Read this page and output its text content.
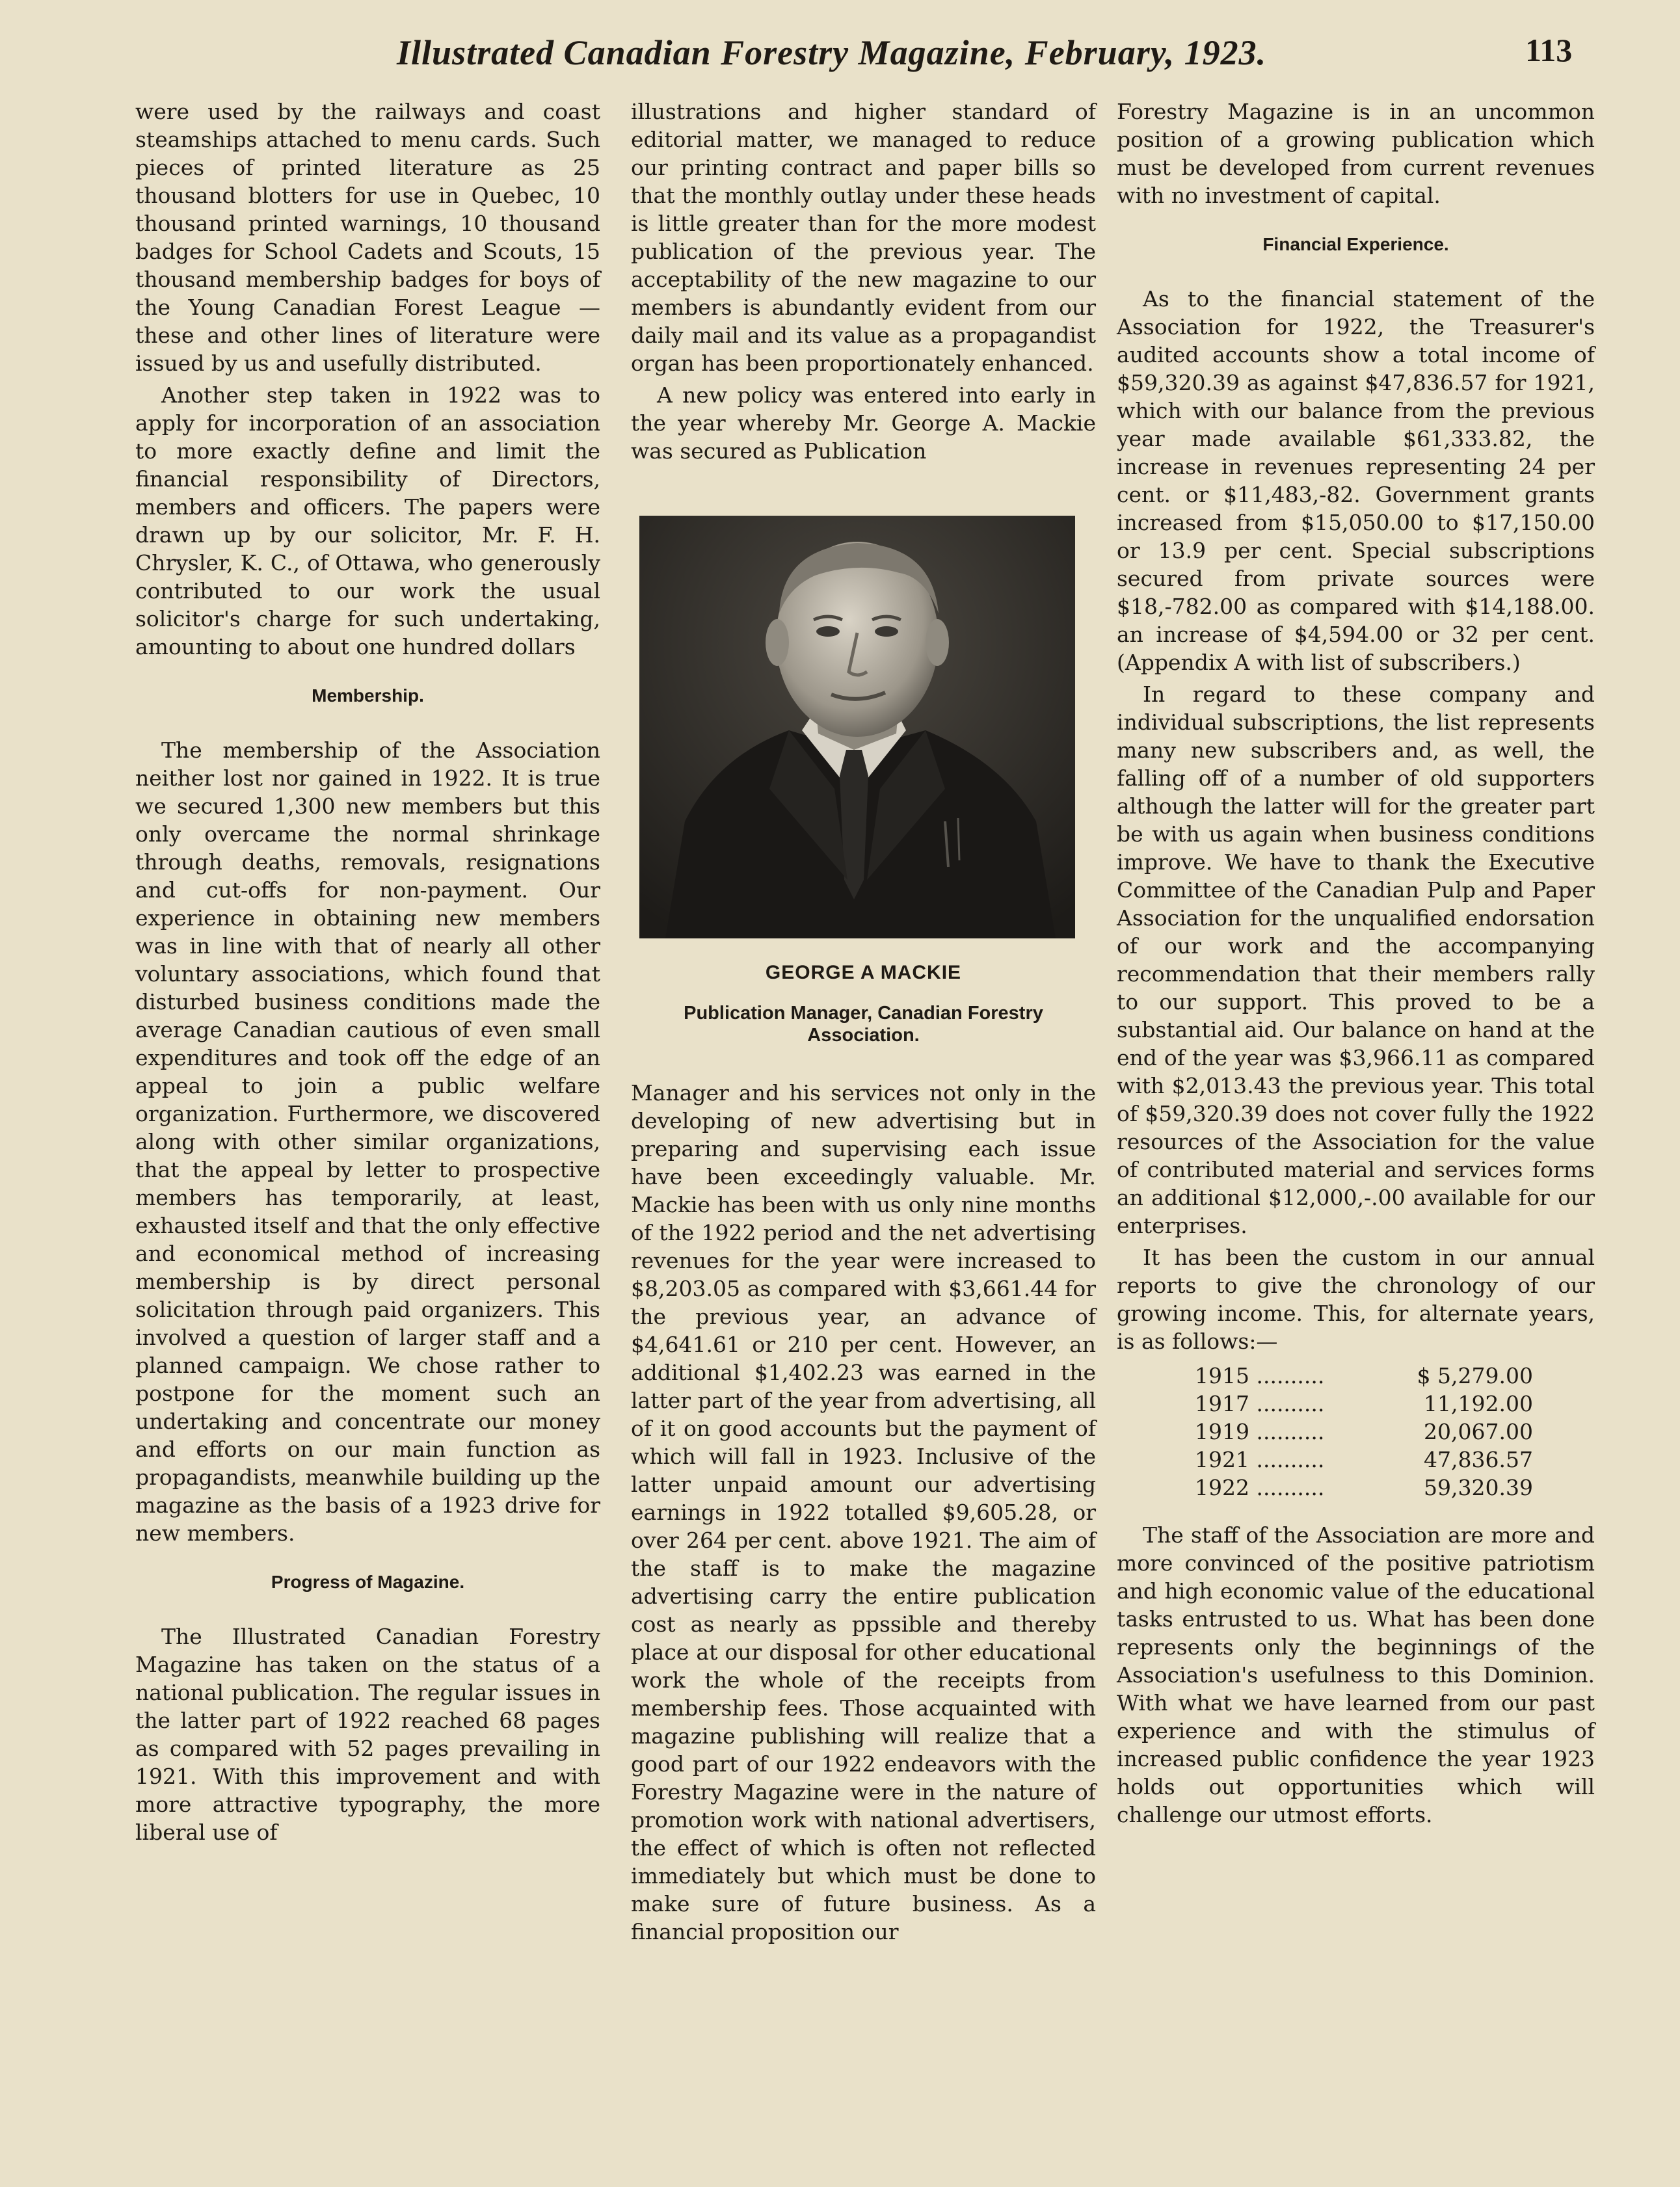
Illustrated Canadian Forestry Magazine, February, 1923.	113

were used by the railways and coast steamships attached to menu cards. Such pieces of printed literature as 25 thousand blotters for use in Quebec, 10 thousand printed warnings, 10 thousand badges for School Cadets and Scouts, 15 thousand membership badges for boys of the Young Canadian Forest League — these and other lines of literature were issued by us and usefully distributed.

Another step taken in 1922 was to apply for incorporation of an association to more exactly define and limit the financial responsibility of Directors, members and officers. The papers were drawn up by our solicitor, Mr. F. H. Chrysler, K. C., of Ottawa, who generously contributed to our work the usual solicitor's charge for such undertaking, amounting to about one hundred dollars

Membership.

The membership of the Association neither lost nor gained in 1922. It is true we secured 1,300 new members but this only overcame the normal shrinkage through deaths, removals, resignations and cut-offs for non-payment. Our experience in obtaining new members was in line with that of nearly all other voluntary associations, which found that disturbed business conditions made the average Canadian cautious of even small expenditures and took off the edge of an appeal to join a public welfare organization. Furthermore, we discovered along with other similar organizations, that the appeal by letter to prospective members has temporarily, at least, exhausted itself and that the only effective and economical method of increasing membership is by direct personal solicitation through paid organizers. This involved a question of larger staff and a planned campaign. We chose rather to postpone for the moment such an undertaking and concentrate our money and efforts on our main function as propagandists, meanwhile building up the magazine as the basis of a 1923 drive for new members.

Progress of Magazine.

The Illustrated Canadian Forestry Magazine has taken on the status of a national publication. The regular issues in the latter part of 1922 reached 68 pages as compared with 52 pages prevailing in 1921. With this improvement and with more attractive typography, the more liberal use of

illustrations and higher standard of editorial matter, we managed to reduce our printing contract and paper bills so that the monthly outlay under these heads is little greater than for the more modest publication of the previous year. The acceptability of the new magazine to our members is abundantly evident from our daily mail and its value as a propagandist organ has been proportionately enhanced.

A new policy was entered into early in the year whereby Mr. George A. Mackie was secured as Publication

GEORGE A MACKIE
Publication Manager, Canadian Forestry Association.

Manager and his services not only in the developing of new advertising but in preparing and supervising each issue have been exceedingly valuable. Mr. Mackie has been with us only nine months of the 1922 period and the net advertising revenues for the year were increased to $8,203.05 as compared with $3,661.44 for the previous year, an advance of $4,641.61 or 210 per cent. However, an additional $1,402.23 was earned in the latter part of the year from advertising, all of it on good accounts but the payment of which will fall in 1923. Inclusive of the latter unpaid amount our advertising earnings in 1922 totalled $9,605.28, or over 264 per cent. above 1921. The aim of the staff is to make the magazine advertising carry the entire publication cost as nearly as ppssible and thereby place at our disposal for other educational work the whole of the receipts from membership fees. Those acquainted with magazine publishing will realize that a good part of our 1922 endeavors with the Forestry Magazine were in the nature of promotion work with national advertisers, the effect of which is often not reflected immediately but which must be done to make sure of future business. As a financial proposition our

Forestry Magazine is in an uncommon position of a growing publication which must be developed from current revenues with no investment of capital.

Financial Experience.

As to the financial statement of the Association for 1922, the Treasurer's audited accounts show a total income of $59,320.39 as against $47,836.57 for 1921, which with our balance from the previous year made available $61,333.82, the increase in revenues representing 24 per cent. or $11,483,-82. Government grants increased from $15,050.00 to $17,150.00 or 13.9 per cent. Special subscriptions secured from private sources were $18,-782.00 as compared with $14,188.00. an increase of $4,594.00 or 32 per cent. (Appendix A with list of subscribers.)

In regard to these company and individual subscriptions, the list represents many new subscribers and, as well, the falling off of a number of old supporters although the latter will for the greater part be with us again when business conditions improve. We have to thank the Executive Committee of the Canadian Pulp and Paper Association for the unqualified endorsation of our work and the accompanying recommendation that their members rally to our support. This proved to be a substantial aid. Our balance on hand at the end of the year was $3,966.11 as compared with $2,013.43 the previous year. This total of $59,320.39 does not cover fully the 1922 resources of the Association for the value of contributed material and services forms an additional $12,000,-.00 available for our enterprises.

It has been the custom in our annual reports to give the chronology of our growing income. This, for alternate years, is as follows:—

1915 ..........	$ 5,279.00
1917 ..........	11,192.00
1919 ..........	20,067.00
1921 ..........	47,836.57
1922 ..........	59,320.39

The staff of the Association are more and more convinced of the positive patriotism and high economic value of the educational tasks entrusted to us. What has been done represents only the beginnings of the Association's usefulness to this Dominion. With what we have learned from our past experience and with the stimulus of increased public confidence the year 1923 holds out opportunities which will challenge our utmost efforts.
